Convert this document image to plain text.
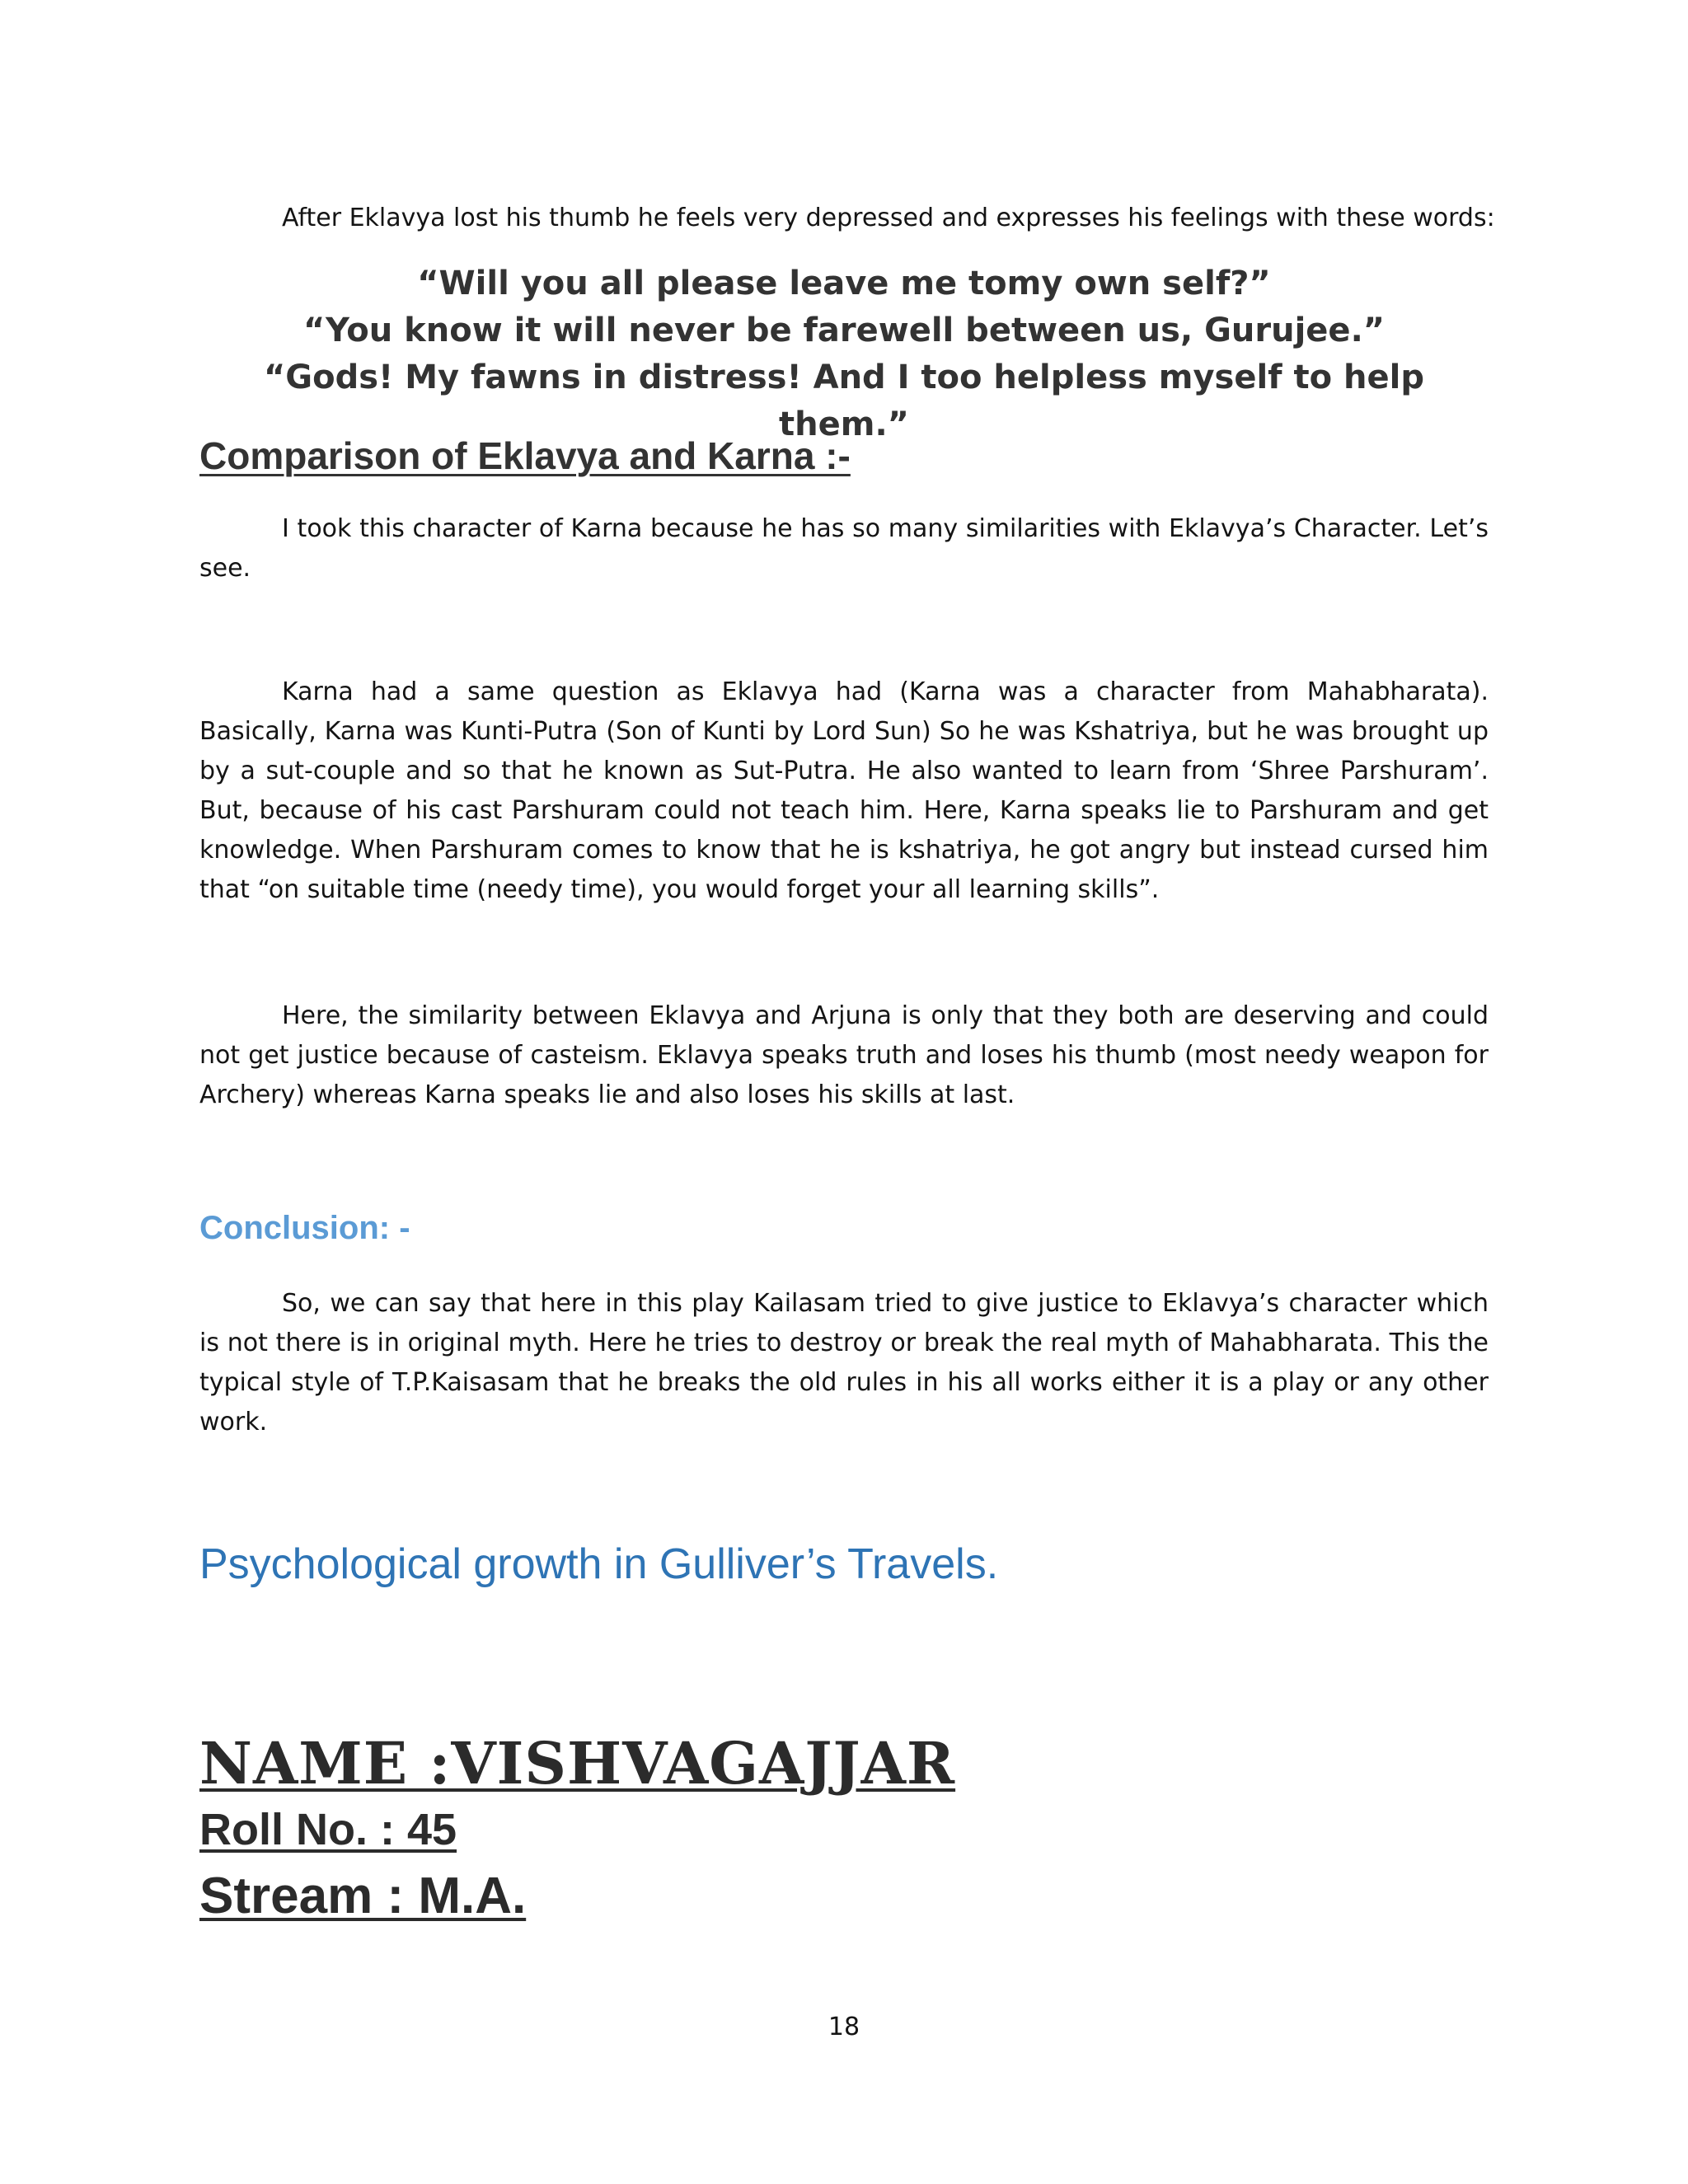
After Eklavya lost his thumb he feels very depressed and expresses his feelings with these words:

“Will you all please leave me tomy own self?”
“You know it will never be farewell between us, Gurujee.”
“Gods! My fawns in distress! And I too helpless myself to help them.”
Comparison of Eklavya and Karna :-

I took this character of Karna because he has so many similarities with Eklavya’s Character. Let’s see.

Karna had a same question as Eklavya had (Karna was a character from Mahabharata). Basically, Karna was Kunti-Putra (Son of Kunti by Lord Sun) So he was Kshatriya, but he was brought up by a sut-couple and so that he known as Sut-Putra. He also wanted to learn from ‘Shree Parshuram’. But, because of his cast Parshuram could not teach him. Here, Karna speaks lie to Parshuram and get knowledge. When Parshuram comes to know that he is kshatriya, he got angry but instead cursed him that “on suitable time (needy time), you would forget your all learning skills”.

Here, the similarity between Eklavya and Arjuna is only that they both are deserving and could not get justice because of casteism. Eklavya speaks truth and loses his thumb (most needy weapon for Archery) whereas Karna speaks lie and also loses his skills at last.

Conclusion: -

So, we can say that here in this play Kailasam tried to give justice to Eklavya’s character which is not there is in original myth. Here he tries to destroy or break the real myth of Mahabharata. This the typical style of T.P.Kaisasam that he breaks the old rules in his all works either it is a play or any other work.

Psychological growth in Gulliver’s Travels.
NAME :VISHVAGAJJAR
Roll No. : 45
Stream : M.A.
18
